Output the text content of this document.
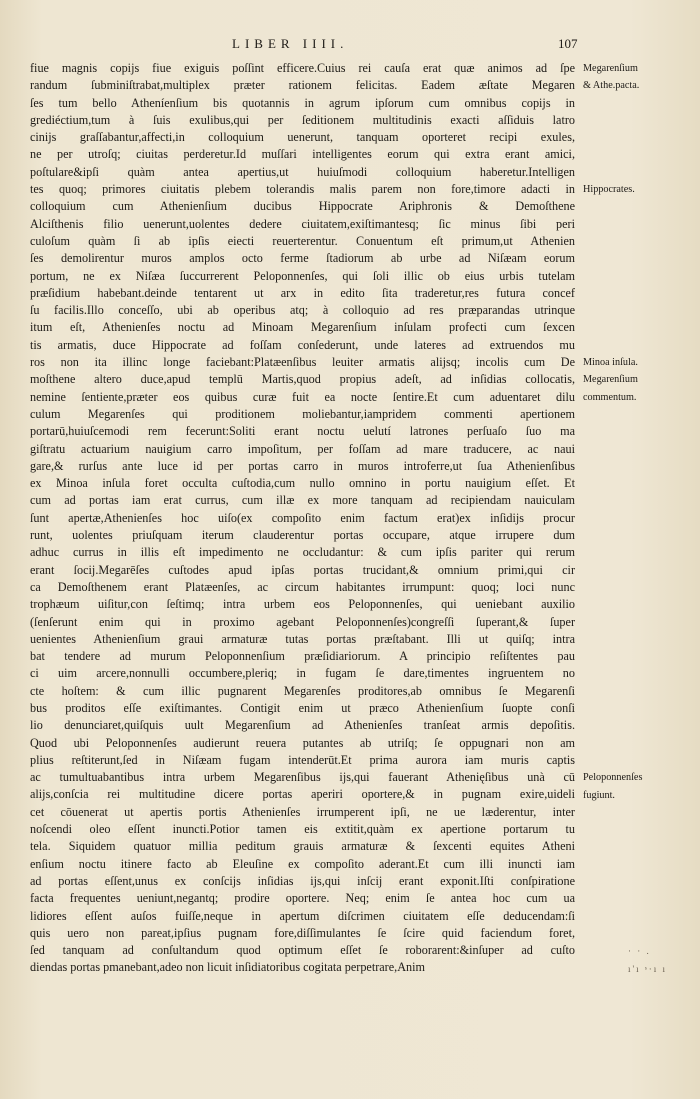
LIBER IIII.	107
fiue magnis copijs fiue exiguis poſſint efficere.Cuius rei cauſa erat quæ animos ad ſpe
randum ſubminiſtrabat,multiplex præter rationem felicitas. Eadem æſtate Megaren
ſes tum bello Atheníenſium bis quotannis in agrum ipſorum cum omnibus copijs in
grediéctium,tum à ſuis exulibus,qui per ſeditionem multitudinis exacti aſſiduis latro
cinijs graſſabantur,affecti,in colloquium uenerunt, tanquam oporteret recipi exules,
ne per utroſq; ciuitas perderetur.Id muſſari intelligentes eorum qui extra erant amici,
poſtulare&ipſi quàm antea apertius,ut huiuſmodi colloquium haberetur.Intelligen
tes quoq; primores ciuitatis plebem tolerandis malis parem non fore,timore adacti in
colloquium cum Athenienſium ducibus Hippocrate Ariphronis & Demoſthene
Alciſthenis filio uenerunt,uolentes dedere ciuitatem,exiſtimantesq; ſic minus ſibi peri
culoſum quàm ſi ab ipſis eiecti reuerterentur. Conuentum eſt primum,ut Athenien
ſes demolirentur muros amplos octo ferme ſtadiorum ab urbe ad Niſæam eorum
portum, ne ex Niſæa ſuccurrerent Peloponnenſes, qui ſoli illic ob eius urbis tutelam
præſidium habebant.deinde tentarent ut arx in edito ſita traderetur,res futura concef
ſu facilis.Illo conceſſo, ubi ab operibus atq; à colloquio ad res præparandas utrinque
itum eſt, Athenienſes noctu ad Minoam Megarenſium inſulam profecti cum ſexcen
tis armatis, duce Hippocrate ad foſſam conſederunt, unde lateres ad extruendos mu
ros non ita illinc longe faciebant:Platæenſibus leuiter armatis alijsq; incolis cum De
moſthene altero duce,apud templū Martis,quod propius adeſt, ad inſidias collocatis,
nemine ſentiente,præter eos quibus curæ fuit ea nocte ſentire.Et cum aduentaret dilu
culum Megarenſes qui proditionem moliebantur,iampridem commenti apertionem
portarū,huiuſcemodi rem fecerunt:Soliti erant noctu uelutí latrones perſuaſo ſuo ma
giſtratu actuarium nauigium carro impoſitum, per foſſam ad mare traducere, ac naui
gare,& rurſus ante luce id per portas carro in muros introferre,ut ſua Athenienſibus
ex Minoa inſula foret occulta cuſtodia,cum nullo omnino in portu nauigium eſſet. Et
cum ad portas iam erat currus, cum illæ ex more tanquam ad recipiendam nauiculam
ſunt apertæ,Athenienſes hoc uiſo(ex compoſito enim factum erat)ex inſidijs procur
runt, uolentes priuſquam iterum clauderentur portas occupare, atque irrupere dum
adhuc currus in illis eſt impedimento ne occludantur: & cum ipſis pariter qui rerum
erant ſocij.Megarēſes cuſtodes apud ipſas portas trucidant,& omnium primi,qui cir
ca Demoſthenem erant Platæenſes, ac circum habitantes irrumpunt: quoq; loci nunc
trophæum uiſitur,con ſeſtimq; intra urbem eos Peloponnenſes, qui ueniebant auxilio
(ſenſerunt enim qui in proximo agebant Peloponnenſes)congreſſi ſuperant,& ſuper
uenientes Athenienſium graui armaturæ tutas portas præſtabant. Illi ut quiſq; intra
bat tendere ad murum Peloponnenſium præſidiariorum. A principio reſiſtentes pau
ci uim arcere,nonnulli occumbere,pleriq; in fugam ſe dare,timentes ingruentem no
cte hoſtem: & cum illic pugnarent Megarenſes proditores,ab omnibus ſe Megarenſi
bus proditos eſſe exiſtimantes. Contigit enim ut præco Athenienſium ſuopte conſi
lio denunciaret,quiſquis uult Megarenſium ad Athenienſes tranſeat armis depoſitis.
Quod ubi Peloponnenſes audierunt reuera putantes ab utriſq; ſe oppugnari non am
plius reſtiterunt,ſed in Niſæam fugam intenderūt.Et prima aurora iam muris captis
ac tumultuabantibus intra urbem Megarenſibus ijs,qui fauerant Athenięſibus unà cū
alijs,conſcia rei multitudine dicere portas aperiri oportere,& in pugnam exire,uideli
cet cōuenerat ut apertis portis Athenienſes irrumperent ipſi, ne ue læderentur, inter
noſcendi oleo eſſent inuncti.Potior tamen eis extitit,quàm ex apertione portarum tu
tela. Siquidem quatuor millia peditum grauis armaturæ & ſexcenti equites Atheni
enſium noctu itinere facto ab Eleuſine ex compoſito aderant.Et cum illi inuncti iam
ad portas eſſent,unus ex conſcijs inſidias ijs,qui inſcij erant exponit.Iſti conſpiratione
facta frequentes ueniunt,negantq; prodire oportere. Neq; enim ſe antea hoc cum ua
lidiores eſſent auſos fuiſſe,neque in apertum diſcrimen ciuitatem eſſe deducendam:ſi
quis uero non pareat,ipſius pugnam fore,diſſimulantes ſe ſcire quid faciendum foret,
ſed tanquam ad conſultandum quod optimum eſſet ſe roborarent:&inſuper ad cuſto
diendas portas pmanebant,adeo non licuit inſidiatoribus cogitata perpetrare,Anim
Megarenſium
& Athe.pacta.
Hippocrates.
Minoa inſula.
Megarenſium
commentum.
Peloponnenſes
fugiunt.
· · .
ı'ı ˢ·ı ı
